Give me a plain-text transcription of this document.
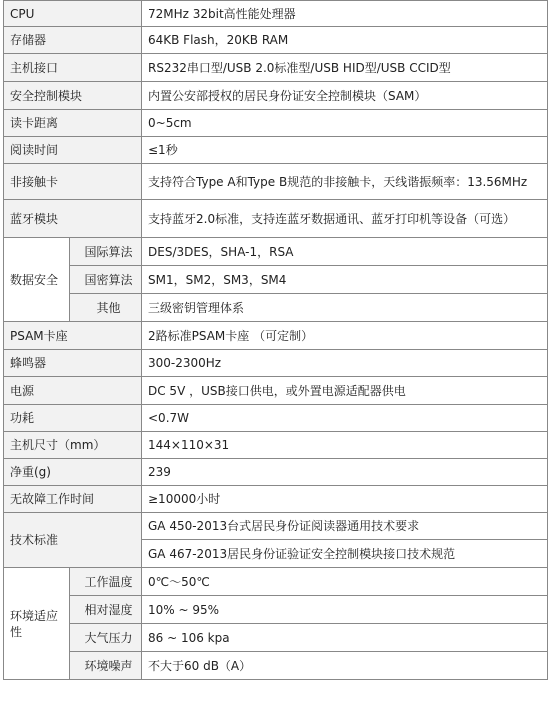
CPU		72MHz 32bit高性能处理器
存储器		64KB Flash，20KB RAM
主机接口		RS232串口型/USB 2.0标准型/USB HID型/USB CCID型
安全控制模块		内置公安部授权的居民身份证安全控制模块（SAM）
读卡距离		0~5cm
阅读时间		≤1秒
非接触卡		支持符合Type A和Type B规范的非接触卡，天线谐振频率：13.56MHz
蓝牙模块		支持蓝牙2.0标准，支持连蓝牙数据通讯、蓝牙打印机等设备（可选）
数据安全	国际算法	DES/3DES，SHA-1，RSA
	国密算法	SM1，SM2，SM3，SM4
	其他	三级密钥管理体系
PSAM卡座		2路标准PSAM卡座 （可定制）
蜂鸣器		300-2300Hz
电源		DC 5V ，USB接口供电，或外置电源适配器供电
功耗		<0.7W
主机尺寸（mm）		144×110×31
净重(g)		239
无故障工作时间		≥10000小时
技术标准		GA 450-2013台式居民身份证阅读器通用技术要求
		GA 467-2013居民身份证验证安全控制模块接口技术规范
环境适应性	工作温度	0℃～50℃
	相对湿度	10% ~ 95%
	大气压力	86 ~ 106 kpa
	环境噪声	不大于60 dB（A）
